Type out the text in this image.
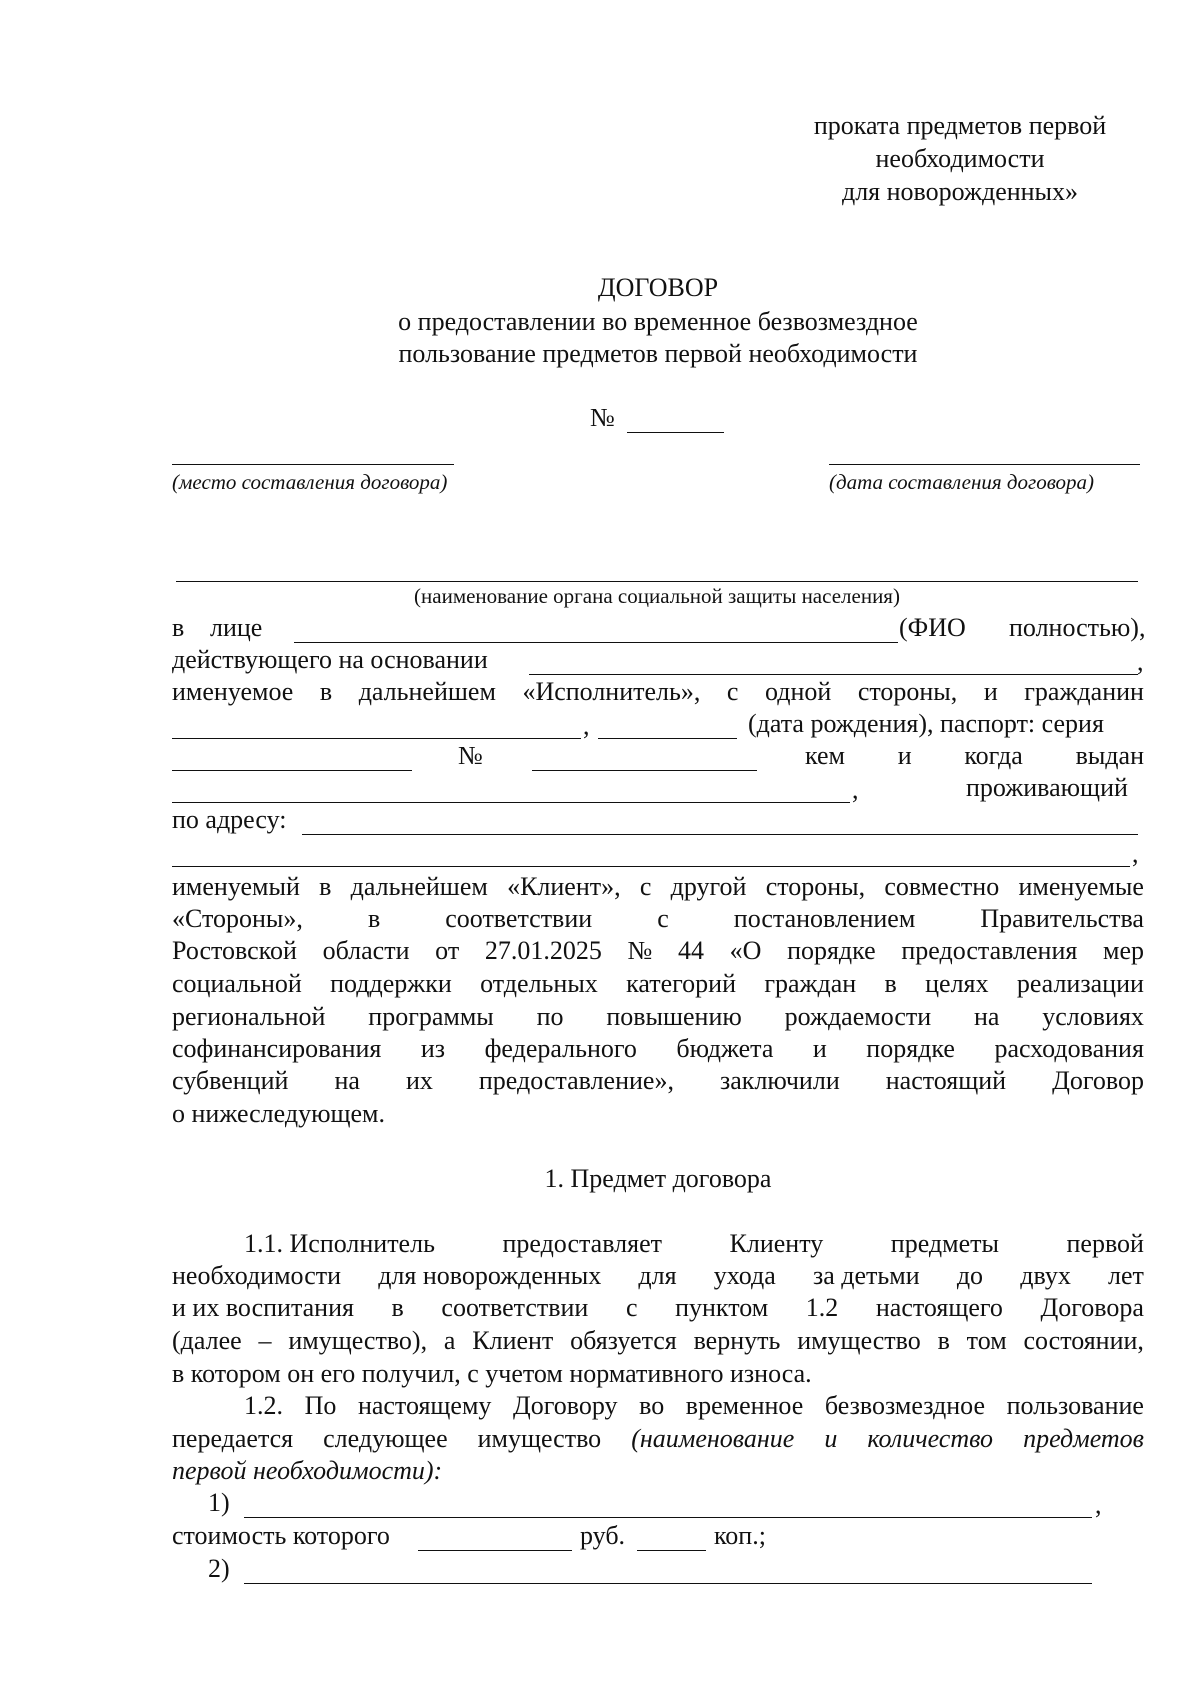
проката предметов первой
необходимости
для новорожденных»
ДОГОВОР
о предоставлении во временное безвозмездное
пользование предметов первой необходимости
№
(место составления договора)	(дата составления договора)
(наименование органа социальной защиты населения)
в лице	(ФИО полностью),
действующего на основании	,
именуемое в дальнейшем «Исполнитель», с одной стороны, и гражданин
,	(дата рождения), паспорт: серия
№	кем и когда выдан
,	проживающий
по адресу:
,
именуемый в дальнейшем «Клиент», с другой стороны, совместно именуемые
«Стороны»,	в	соответствии	с	постановлением	Правительства
Ростовской области от 27.01.2025 № 44 «О порядке предоставления мер
социальной поддержки отдельных категорий граждан в целях реализации
региональной программы по повышению рождаемости на условиях
софинансирования из федерального бюджета и порядке расходования
субвенций на их предоставление», заключили настоящий Договор
о нижеследующем.
1. Предмет договора
1.1. Исполнитель	предоставляет	Клиенту	предметы	первой
необходимости для новорожденных для ухода за детьми до двух лет
и их воспитания в соответствии с пунктом 1.2 настоящего Договора
(далее – имущество), а Клиент обязуется вернуть имущество в том состоянии,
в котором он его получил, с учетом нормативного износа.
1.2. По настоящему Договору во временное безвозмездное пользование
передается следующее имущество (наименование и количество предметов
первой необходимости):
1)	,
стоимость которого	руб.	коп.;
2)
